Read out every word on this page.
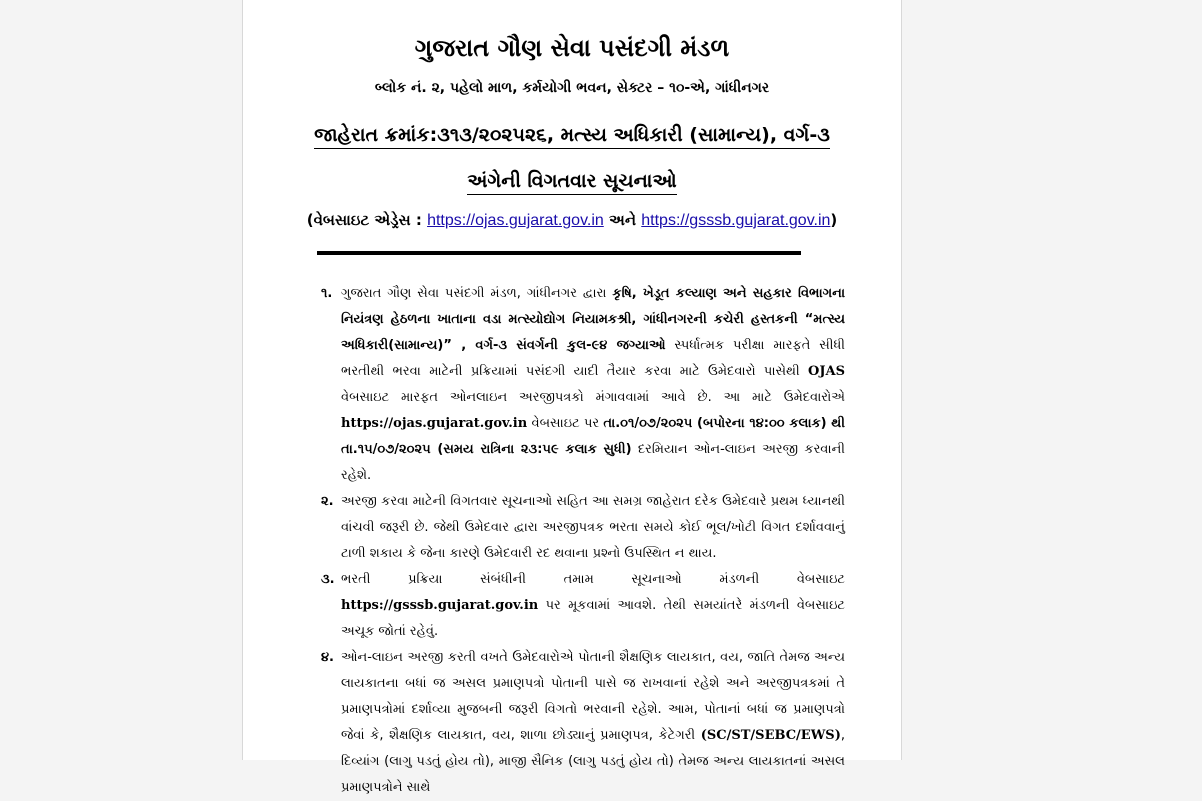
ગુજરાત ગૌણ સેવા પસંદગી મંડળ
બ્લોક નં. ૨, પહેલો માળ, કર્મયોગી ભવન, સેક્ટર – ૧૦-એ, ગાંધીનગર
જાહેરાત ક્રમાંક:૩૧૩/૨૦૨૫૨૬, મત્સ્ય અધિકારી (સામાન્ય), વર્ગ-૩
અંગેની વિગતવાર સૂચનાઓ
(વેબસાઇટ એડ્રેસ : https://ojas.gujarat.gov.in અને https://gsssb.gujarat.gov.in)
૧. ગુજરાત ગૌણ સેવા પસંદગી મંડળ, ગાંધીનગર દ્વારા કૃષિ, ખેડૂત કલ્યાણ અને સહકાર વિભાગના નિયંત્રણ હેઠળના ખાતાના વડા મત્સ્યોદ્યોગ નિયામકશ્રી, ગાંધીનગરની કચેરી હસ્તકની “મત્સ્ય અધિકારી(સામાન્ય)” , વર્ગ-૩ સંવર્ગની કુલ-૯૪ જગ્યાઓ સ્પર્ધાત્મક પરીક્ષા મારફતે સીધી ભરતીથી ભરવા માટેની પ્રક્રિયામાં પસંદગી યાદી તૈયાર કરવા માટે ઉમેદવારો પાસેથી OJAS વેબસાઇટ મારફત ઓનલાઇન અરજીપત્રકો મંગાવવામાં આવે છે. આ માટે ઉમેદવારોએ https://ojas.gujarat.gov.in વેબસાઇટ પર તા.૦૧/૦૭/૨૦૨૫ (બપોરના ૧૪:૦૦ કલાક) થી તા.૧૫/૦૭/૨૦૨૫ (સમય રાત્રિના ૨૩:૫૯ કલાક સુધી) દરમિયાન ઓન-લાઇન અરજી કરવાની રહેશે.
૨. અરજી કરવા માટેની વિગતવાર સૂચનાઓ સહિત આ સમગ્ર જાહેરાત દરેક ઉમેદવારે પ્રથમ ધ્યાનથી વાંચવી જરૂરી છે. જેથી ઉમેદવાર દ્વારા અરજીપત્રક ભરતા સમયે કોઈ ભૂલ/ખોટી વિગત દર્શાવવાનું ટાળી શકાય કે જેના કારણે ઉમેદવારી રદ થવાના પ્રશ્નો ઉપસ્થિત ન થાય.
૩. ભરતી પ્રક્રિયા સંબંધીની તમામ સૂચનાઓ મંડળની વેબસાઇટ https://gsssb.gujarat.gov.in પર મૂકવામાં આવશે. તેથી સમયાંતરે મંડળની વેબસાઇટ અચૂક જોતાં રહેવું.
૪. ઓન-લાઇન અરજી કરતી વખતે ઉમેદવારોએ પોતાની શૈક્ષણિક લાયકાત, વય, જાતિ તેમજ અન્ય લાયકાતના બધાં જ અસલ પ્રમાણપત્રો પોતાની પાસે જ રાખવાનાં રહેશે અને અરજીપત્રકમાં તે પ્રમાણપત્રોમાં દર્શાવ્યા મુજબની જરૂરી વિગતો ભરવાની રહેશે. આમ, પોતાનાં બધાં જ પ્રમાણપત્રો જેવાં કે, શૈક્ષણિક લાયકાત, વય, શાળા છોડ્યાનું પ્રમાણપત્ર, કેટેગરી (SC/ST/SEBC/EWS), દિવ્યાંગ (લાગુ પડતું હોય તો), માજી સૈનિક (લાગુ પડતું હોય તો) તેમજ અન્ય લાયકાતનાં અસલ પ્રમાણપત્રોને સાથે
